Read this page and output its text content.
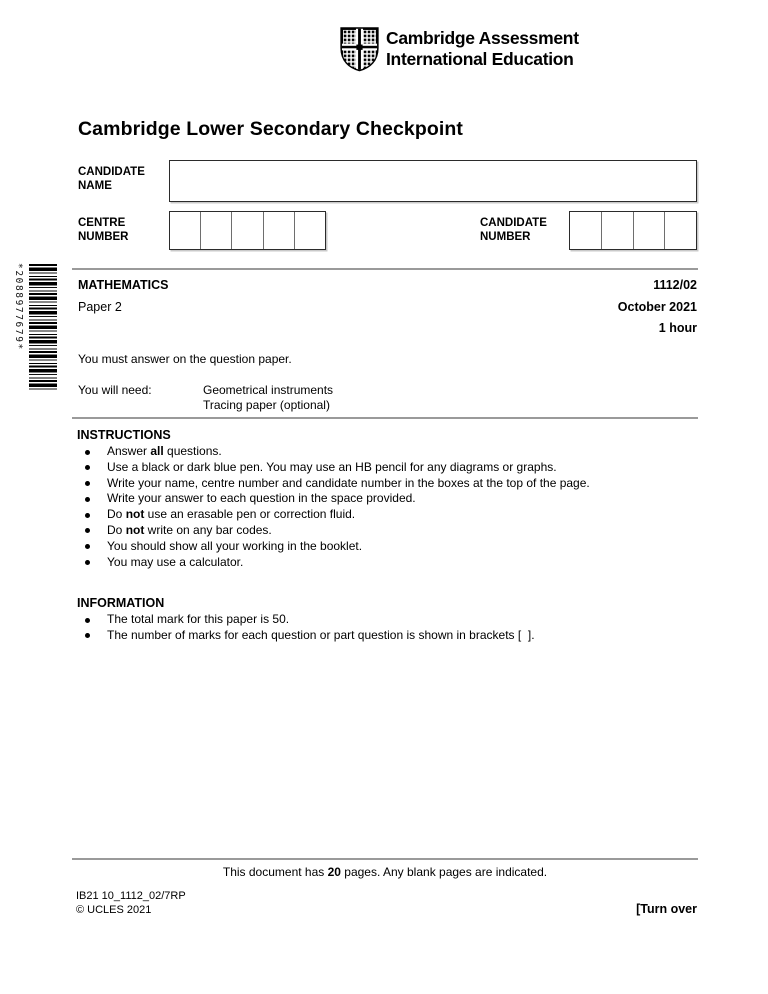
Cambridge Assessment
International Education
Cambridge Lower Secondary Checkpoint
CANDIDATE NAME
CENTRE NUMBER
CANDIDATE NUMBER
*2088977679*	MATHEMATICS	1112/02
Paper 2	October 2021
1 hour
You must answer on the question paper.
You will need:	Geometrical instruments
Tracing paper (optional)
INSTRUCTIONS
Answer all questions.
Use a black or dark blue pen. You may use an HB pencil for any diagrams or graphs.
Write your name, centre number and candidate number in the boxes at the top of the page.
Write your answer to each question in the space provided.
Do not use an erasable pen or correction fluid.
Do not write on any bar codes.
You should show all your working in the booklet.
You may use a calculator.
INFORMATION
The total mark for this paper is 50.
The number of marks for each question or part question is shown in brackets [  ].
This document has 20 pages. Any blank pages are indicated.
IB21 10_1112_02/7RP
© UCLES 2021	[Turn over
